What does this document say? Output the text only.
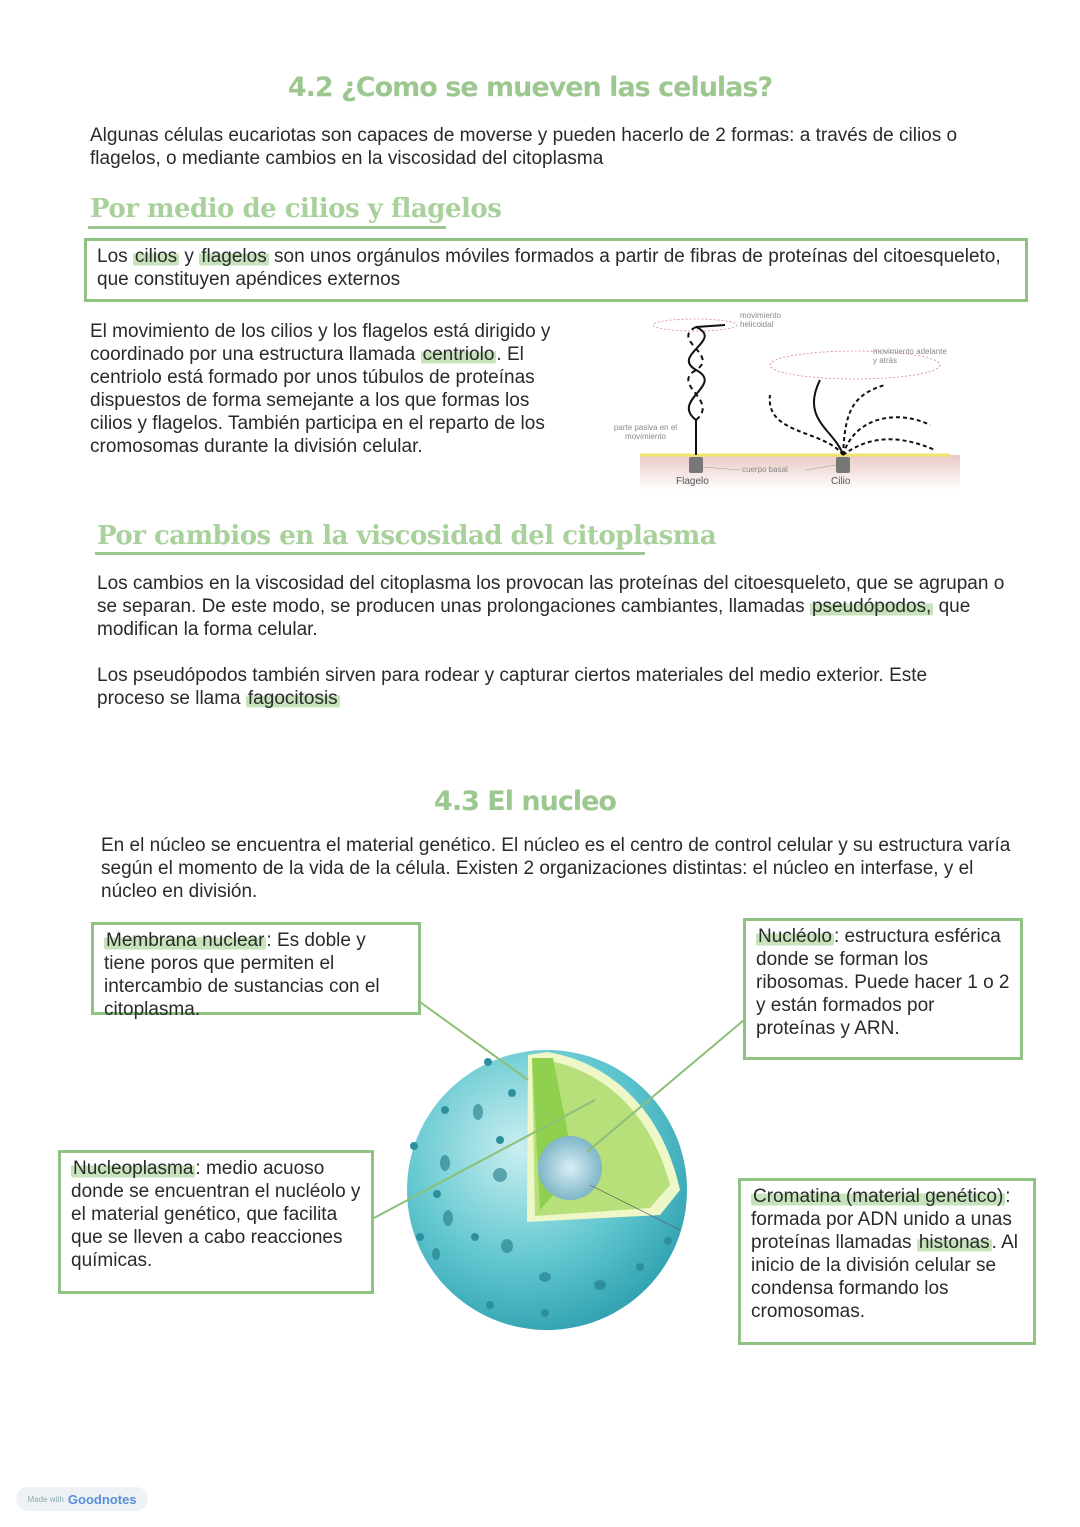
4.2 ¿Como se mueven las celulas?
Algunas células eucariotas son capaces de moverse y pueden hacerlo de 2 formas: a través de cilios o flagelos, o mediante cambios en la viscosidad del citoplasma
Por medio de cilios y flagelos
Los cilios y flagelos son unos orgánulos móviles formados a partir de fibras de proteínas del citoesqueleto, que constituyen apéndices externos
El movimiento de los cilios y los flagelos está dirigido y coordinado por una estructura llamada centriolo . El centriolo está formado por unos túbulos de proteínas dispuestos de forma semejante a los que formas los cilios y flagelos. También participa en el reparto de los cromosomas durante la división celular.
movimiento helicoidal
movimiento adelante y atrás
parte pasiva en el movimiento
cuerpo basal
Flagelo	Cilio
Por cambios en la viscosidad del citoplasma
Los cambios en la viscosidad del citoplasma los provocan las proteínas del citoesqueleto, que se agrupan o se separan. De este modo, se producen unas prolongaciones cambiantes, llamadas pseudópodos, que modifican la forma celular.
Los pseudópodos también sirven para rodear y capturar ciertos materiales del medio exterior. Este proceso se llama fagocitosis
4.3 El nucleo
En el núcleo se encuentra el material genético. El núcleo es el centro de control celular y su estructura varía según el momento de la vida de la célula. Existen 2 organizaciones distintas: el núcleo en interfase, y el núcleo en división.
Membrana nuclear : Es doble y tiene poros que permiten el intercambio de sustancias con el citoplasma.
Nucléolo : estructura esférica donde se forman los ribosomas. Puede hacer 1 o 2 y están formados por proteínas y ARN.
Nucleoplasma : medio acuoso donde se encuentran el nucléolo y el material genético, que facilita que se lleven a cabo reacciones químicas.
Cromatina (material genético) : formada por ADN unido a unas proteínas llamadas histonas . Al inicio de la división celular se condensa formando los cromosomas.
Made with Goodnotes
